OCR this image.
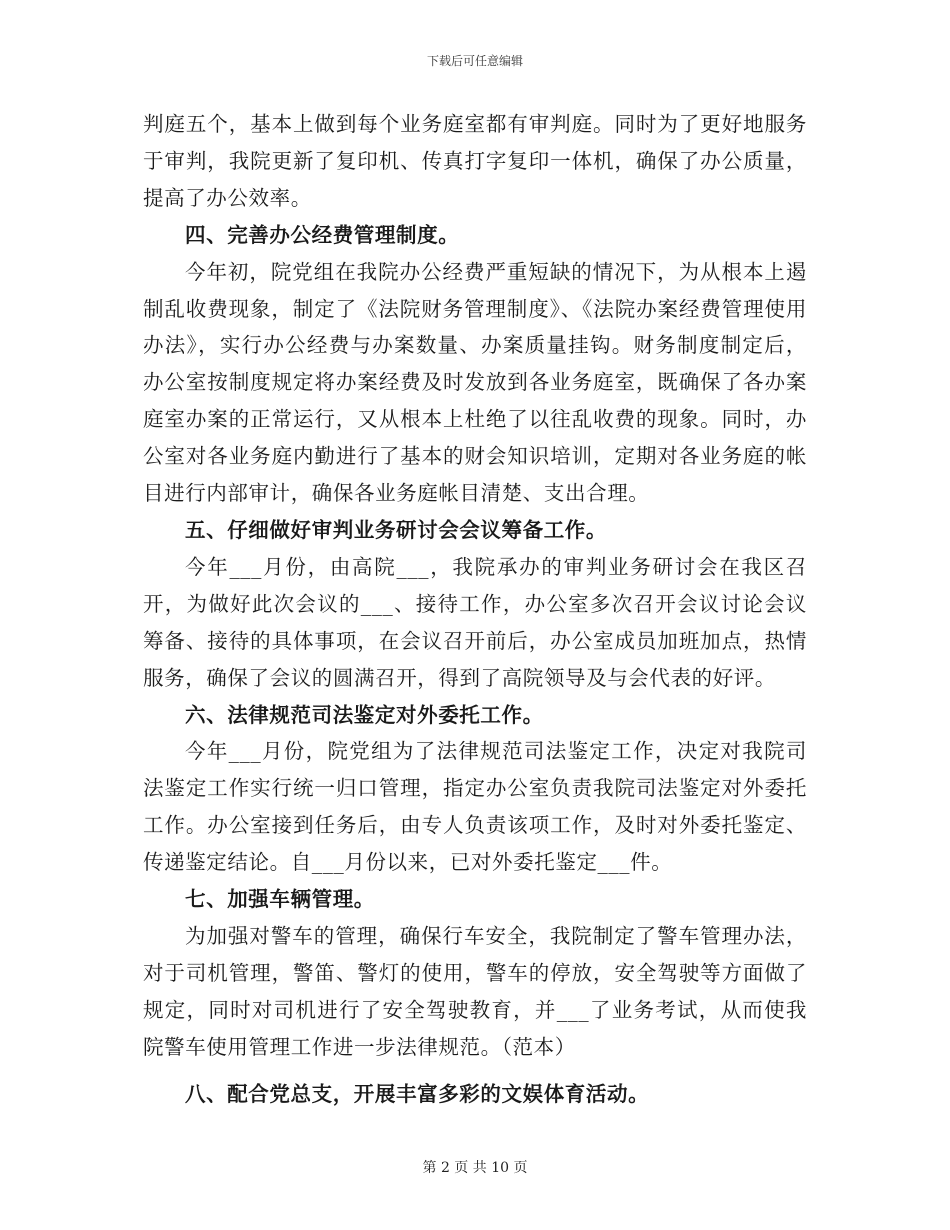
下载后可任意编辑

判庭五个，基本上做到每个业务庭室都有审判庭。同时为了更好地服务于审判，我院更新了复印机、传真打字复印一体机，确保了办公质量，提高了办公效率。

四、完善办公经费管理制度。

今年初，院党组在我院办公经费严重短缺的情况下，为从根本上遏制乱收费现象，制定了《法院财务管理制度》、《法院办案经费管理使用办法》，实行办公经费与办案数量、办案质量挂钩。财务制度制定后，办公室按制度规定将办案经费及时发放到各业务庭室，既确保了各办案庭室办案的正常运行，又从根本上杜绝了以往乱收费的现象。同时，办公室对各业务庭内勤进行了基本的财会知识培训，定期对各业务庭的帐目进行内部审计，确保各业务庭帐目清楚、支出合理。

五、仔细做好审判业务研讨会会议筹备工作。

今年___月份，由高院___，我院承办的审判业务研讨会在我区召开，为做好此次会议的___、接待工作，办公室多次召开会议讨论会议筹备、接待的具体事项，在会议召开前后，办公室成员加班加点，热情服务，确保了会议的圆满召开，得到了高院领导及与会代表的好评。

六、法律规范司法鉴定对外委托工作。

今年___月份，院党组为了法律规范司法鉴定工作，决定对我院司法鉴定工作实行统一归口管理，指定办公室负责我院司法鉴定对外委托工作。办公室接到任务后，由专人负责该项工作，及时对外委托鉴定、传递鉴定结论。自___月份以来，已对外委托鉴定___件。

七、加强车辆管理。

为加强对警车的管理，确保行车安全，我院制定了警车管理办法，对于司机管理，警笛、警灯的使用，警车的停放，安全驾驶等方面做了规定，同时对司机进行了安全驾驶教育，并___了业务考试，从而使我院警车使用管理工作进一步法律规范。（范本）

八、配合党总支，开展丰富多彩的文娱体育活动。

第 2 页 共 10 页
